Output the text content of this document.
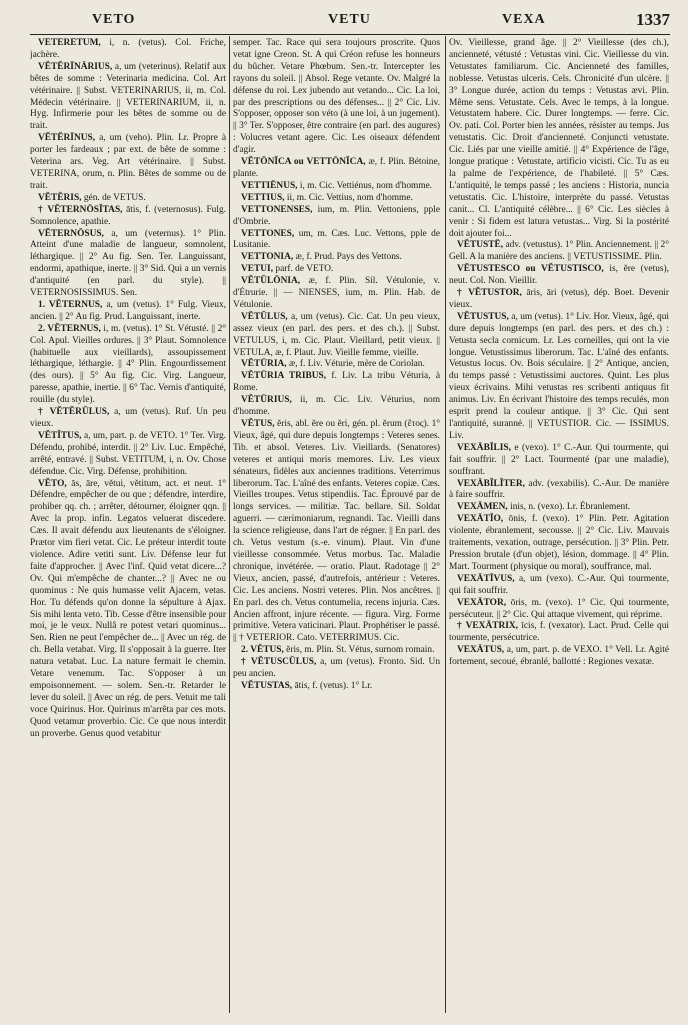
VETO	VETU	VEXA	1337

VĔTĔRĒTUM, i, n. (vetus). Col. Friche, jachère.

VĔTĔRĪNĀRIUS, a, um (veterinus). Relatif aux bêtes de somme : Veterinaria medicina. Col. Art vétérinaire. || Subst. VETERINARIUS, ii, m. Col. Médecin vétérinaire. || VETERINARIUM, ii, n. Hyg. Infirmerie pour les bêtes de somme ou de trait.

VĔTĔRĪNUS, a, um (veho). Plin. Lr. Propre à porter les fardeaux ; par ext. de bête de somme : Veterina ars. Veg. Art vétérinaire. || Subst. VETERINA, orum, n. Plin. Bêtes de somme ou de trait.

VĔTĔRIS, gén. de VETUS.

† VĔTERNŌSĬTAS, ātis, f. (veternosus). Fulg. Somnolence, apathie.

VĔTERNŌSUS, a, um (veternus). 1° Plin. Atteint d'une maladie de langueur, somnolent, léthargique. || 2° Au fig. Sen. Ter. Languissant, endormi, apathique, inerte. || 3° Sid. Qui a un vernis d'antiquité (en parl. du style). || VETERNOSISSIMUS. Sen.

1. VĔTERNUS, a, um (vetus). 1° Fulg. Vieux, ancien. || 2° Au fig. Prud. Languissant, inerte.

2. VĔTERNUS, i, m. (vetus). 1° St. Vétusté. || 2° Col. Apul. Vieilles ordures. || 3° Plaut. Somnolence (habituelle aux vieillards), assoupissement léthargique, léthargie. || 4° Plin. Engourdissement (des ours). || 5° Au fig. Cic. Virg. Langueur, paresse, apathie, inertie. || 6° Tac. Vernis d'antiquité, rouille (du style).

† VĔTĔRŬLUS, a, um (vetus). Ruf. Un peu vieux.

VĔTĬTUS, a, um, part. p. de VETO. 1° Ter. Virg. Défendu, prohibé, interdit. || 2° Liv. Luc. Empêché, arrêté, entravé. || Subst. VETITUM, i, n. Ov. Chose défendue. Cic. Virg. Défense, prohibition.

VĔTO, ās, āre, vĕtui, vĕtitum, act. et neut. 1° Défendre, empêcher de ou que ; défendre, interdire, prohiber qq. ch. ; arrêter, détourner, éloigner qqn. || Avec la prop. infin. Legatos veluerat discedere. Cæs. Il avait défendu aux lieutenants de s'éloigner. Prætor vim fieri vetat. Cic. Le préteur interdit toute violence. Adire vetiti sunt. Liv. Défense leur fut faite d'approcher. || Avec l'inf. Quid vetat dicere...? Ov. Qui m'empêche de chanter...? || Avec ne ou quominus : Ne quis humasse velit Ajacem, vetas. Hor. Tu défends qu'on donne la sépulture à Ajax. Sis mihi lenta veto. Tib. Cesse d'être insensible pour moi, je le veux. Nullâ re potest vetari quominus... Sen. Rien ne peut l'empêcher de... || Avec un rég. de ch. Bella vetabat. Virg. Il s'opposait à la guerre. Iter natura vetabat. Luc. La nature fermait le chemin. Vetare venenum. Tac. S'opposer à un empoisonnement. — solem. Sen.-tr. Retarder le lever du soleil. || Avec un rég. de pers. Vetuit me tali voce Quirinus. Hor. Quirinus m'arrêta par ces mots. Quod vetamur proverbio. Cic. Ce que nous interdit un proverbe. Genus quod vetabitur

semper. Tac. Race qui sera toujours proscrite. Quos vetat igne Creon. St. A qui Créon refuse les honneurs du bûcher. Vetare Phœbum. Sen.-tr. Intercepter les rayons du soleil. || Absol. Rege vetante. Ov. Malgré la défense du roi. Lex jubendo aut vetando... Cic. La loi, par des prescriptions ou des défenses... || 2° Cic. Liv. S'opposer, opposer son véto (à une loi, à un jugement). || 3° Ter. S'opposer, être contraire (en parl. des augures) : Volucres vetant agere. Cic. Les oiseaux défendent d'agir.

VĔTŌNĬCA ou VETTŌNĬCA, æ, f. Plin. Bétoine, plante.

VETTIĒNUS, i, m. Cic. Vettiénus, nom d'homme.

VETTIUS, ii, m. Cic. Vettius, nom d'homme.

VETTONENSES, ium, m. Plin. Vettoniens, pple d'Ombrie.

VETTONES, um, m. Cæs. Luc. Vettons, pple de Lusitanie.

VETTONIA, æ, f. Prud. Pays des Vettons.

VETUI, parf. de VETO.

VĔTŬLŌNIA, æ, f. Plin. Sil. Vétulonie, v. d'Étrurie. || — NIENSES, ium, m. Plin. Hab. de Vétulonie.

VĔTŬLUS, a, um (vetus). Cic. Cat. Un peu vieux, assez vieux (en parl. des pers. et des ch.). || Subst. VETULUS, i, m. Cic. Plaut. Vieillard, petit vieux. || VETULA, æ, f. Plaut. Juv. Vieille femme, vieille.

VĔTŪRIA, æ, f. Liv. Véturie, mère de Coriolan.

VĔTŪRIA TRIBUS, f. Liv. La tribu Véturia, à Rome.

VĔTŪRIUS, ii, m. Cic. Liv. Véturius, nom d'homme.

VĔTUS, ĕris, abl. ĕre ou ĕri, gén. pl. ĕrum (ἔτος). 1° Vieux, âgé, qui dure depuis longtemps : Veteres senes. Tib. et absol. Veteres. Liv. Vieillards. (Senatores) veteres et antiqui moris memores. Liv. Les vieux sénateurs, fidèles aux anciennes traditions. Veterrimus liberorum. Tac. L'aîné des enfants. Veteres copiæ. Cæs. Vieilles troupes. Vetus stipendiis. Tac. Éprouvé par de longs services. — militiæ. Tac. bellare. Sil. Soldat aguerri. — cærimoniarum, regnandi. Tac. Vieilli dans la science religieuse, dans l'art de régner. || En parl. des ch. Vetus vestum (s.-e. vinum). Plaut. Vin d'une vieillesse consommée. Vetus morbus. Tac. Maladie chronique, invétérée. — oratio. Plaut. Radotage || 2° Vieux, ancien, passé, d'autrefois, antérieur : Veteres. Cic. Les anciens. Nostri veteres. Plin. Nos ancêtres. || En parl. des ch. Vetus contumelia, recens injuria. Cæs. Ancien affront, injure récente. — figura. Virg. Forme primitive. Vetera vaticinari. Plaut. Prophétiser le passé. || † VETERIOR. Cato. VETERRIMUS. Cic.

2. VĔTUS, ĕris, m. Plin. St. Vétus, surnom romain.

† VĔTUSCŬLUS, a, um (vetus). Fronto. Sid. Un peu ancien.

VĔTUSTAS, ātis, f. (vetus). 1° Lr.

Ov. Vieillesse, grand âge. || 2° Vieillesse (des ch.), ancienneté, vétusté : Vetustas vini. Cic. Vieillesse du vin. Vetustates familiarum. Cic. Ancienneté des familles, noblesse. Vetustas ulceris. Cels. Chronicité d'un ulcère. || 3° Longue durée, action du temps : Vetustas ævi. Plin. Même sens. Vetustate. Cels. Avec le temps, à la longue. Vetustatem habere. Cic. Durer longtemps. — ferre. Cic. Ov. pati. Col. Porter bien les années, résister au temps. Jus vetustatis. Cic. Droit d'ancienneté. Conjuncti vetustate. Cic. Liés par une vieille amitié. || 4° Expérience de l'âge, longue pratique : Vetustate, artificio vicisti. Cic. Tu as eu la palme de l'expérience, de l'habileté. || 5° Cæs. L'antiquité, le temps passé ; les anciens : Historia, nuncia vetustatis. Cic. L'histoire, interprète du passé. Vetustas canit... Cl. L'antiquité célèbre... || 6° Cic. Les siècles à venir : Si fidem est latura vetustas... Virg. Si la postérité doit ajouter foi...

VĔTUSTĒ, adv. (vetustus). 1° Plin. Anciennement. || 2° Gell. A la manière des anciens. || VETUSTISSIME. Plin.

VĔTUSTESCO ou VĔTUSTISCO, is, ĕre (vetus), neut. Col. Non. Vieillir.

† VĔTUSTOR, āris, āri (vetus), dép. Boet. Devenir vieux.

VĔTUSTUS, a, um (vetus). 1° Liv. Hor. Vieux, âgé, qui dure depuis longtemps (en parl. des pers. et des ch.) : Vetusta secla cornicum. Lr. Les corneilles, qui ont la vie longue. Vetustissimus liberorum. Tac. L'aîné des enfants. Vetustus locus. Ov. Bois séculaire. || 2° Antique, ancien, du temps passé : Vetustissimi auctores. Quint. Les plus vieux écrivains. Mihi vetustas res scribenti antiquus fit animus. Liv. En écrivant l'histoire des temps reculés, mon esprit prend la couleur antique. || 3° Cic. Qui sent l'antiquité, suranné. || VETUSTIOR. Cic. — ISSIMUS. Liv.

VEXĀBĬLIS, e (vexo). 1° C.-Aur. Qui tourmente, qui fait souffrir. || 2° Lact. Tourmenté (par une maladie), souffrant.

VEXĀBĬLĬTER, adv. (vexabilis). C.-Aur. De manière à faire souffrir.

VEXĀMEN, inis, n. (vexo). Lr. Ébranlement.

VEXĀTĬO, ōnis, f. (vexo). 1° Plin. Petr. Agitation violente, ébranlement, secousse. || 2° Cic. Liv. Mauvais traitements, vexation, outrage, persécution. || 3° Plin. Petr. Pression brutale (d'un objet), lésion, dommage. || 4° Plin. Mart. Tourment (physique ou moral), souffrance, mal.

VEXĀTĪVUS, a, um (vexo). C.-Aur. Qui tourmente, qui fait souffrir.

VEXĀTOR, ōris, m. (vexo). 1° Cic. Qui tourmente, persécuteur. || 2° Cic. Qui attaque vivement, qui réprime.

† VEXĀTRIX, īcis, f. (vexator). Lact. Prud. Celle qui tourmente, persécutrice.

VEXĀTUS, a, um, part. p. de VEXO. 1° Vell. Lr. Agité fortement, secoué, ébranlé, ballotté : Regiones vexatæ.
